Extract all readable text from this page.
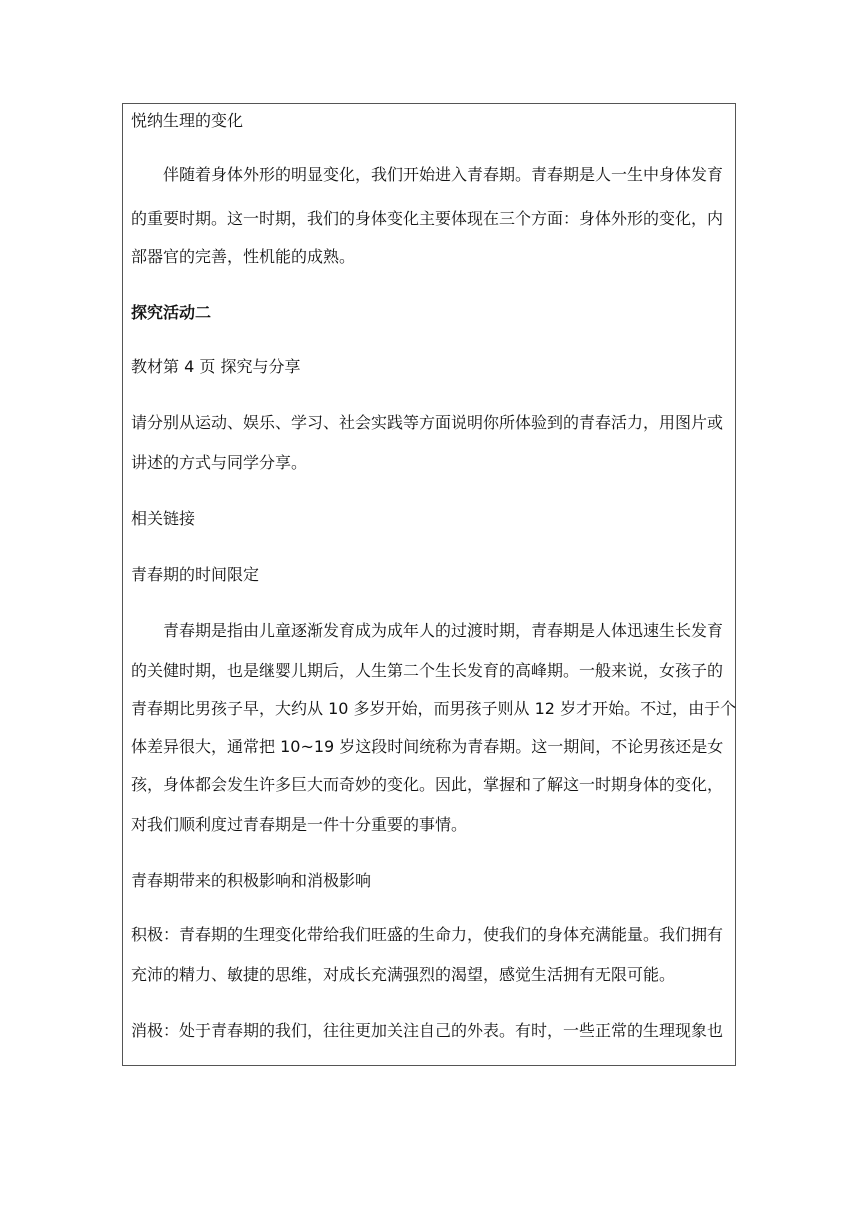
悦纳生理的变化
伴随着身体外形的明显变化，我们开始进入青春期。青春期是人一生中身体发育
的重要时期。这一时期，我们的身体变化主要体现在三个方面：身体外形的变化，内
部器官的完善，性机能的成熟。
探究活动二
教材第 4 页 探究与分享
请分别从运动、娱乐、学习、社会实践等方面说明你所体验到的青春活力，用图片或
讲述的方式与同学分享。
相关链接
青春期的时间限定
青春期是指由儿童逐渐发育成为成年人的过渡时期，青春期是人体迅速生长发育
的关健时期，也是继婴儿期后，人生第二个生长发育的高峰期。一般来说，女孩子的
青春期比男孩子早，大约从 10 多岁开始，而男孩子则从 12 岁才开始。不过，由于个
体差异很大，通常把 10~19 岁这段时间统称为青春期。这一期间，不论男孩还是女
孩，身体都会发生许多巨大而奇妙的变化。因此，掌握和了解这一时期身体的变化，
对我们顺利度过青春期是一件十分重要的事情。
青春期带来的积极影响和消极影响
积极：青春期的生理变化带给我们旺盛的生命力，使我们的身体充满能量。我们拥有
充沛的精力、敏捷的思维，对成长充满强烈的渴望，感觉生活拥有无限可能。
消极：处于青春期的我们，往往更加关注自己的外表。有时，一些正常的生理现象也
